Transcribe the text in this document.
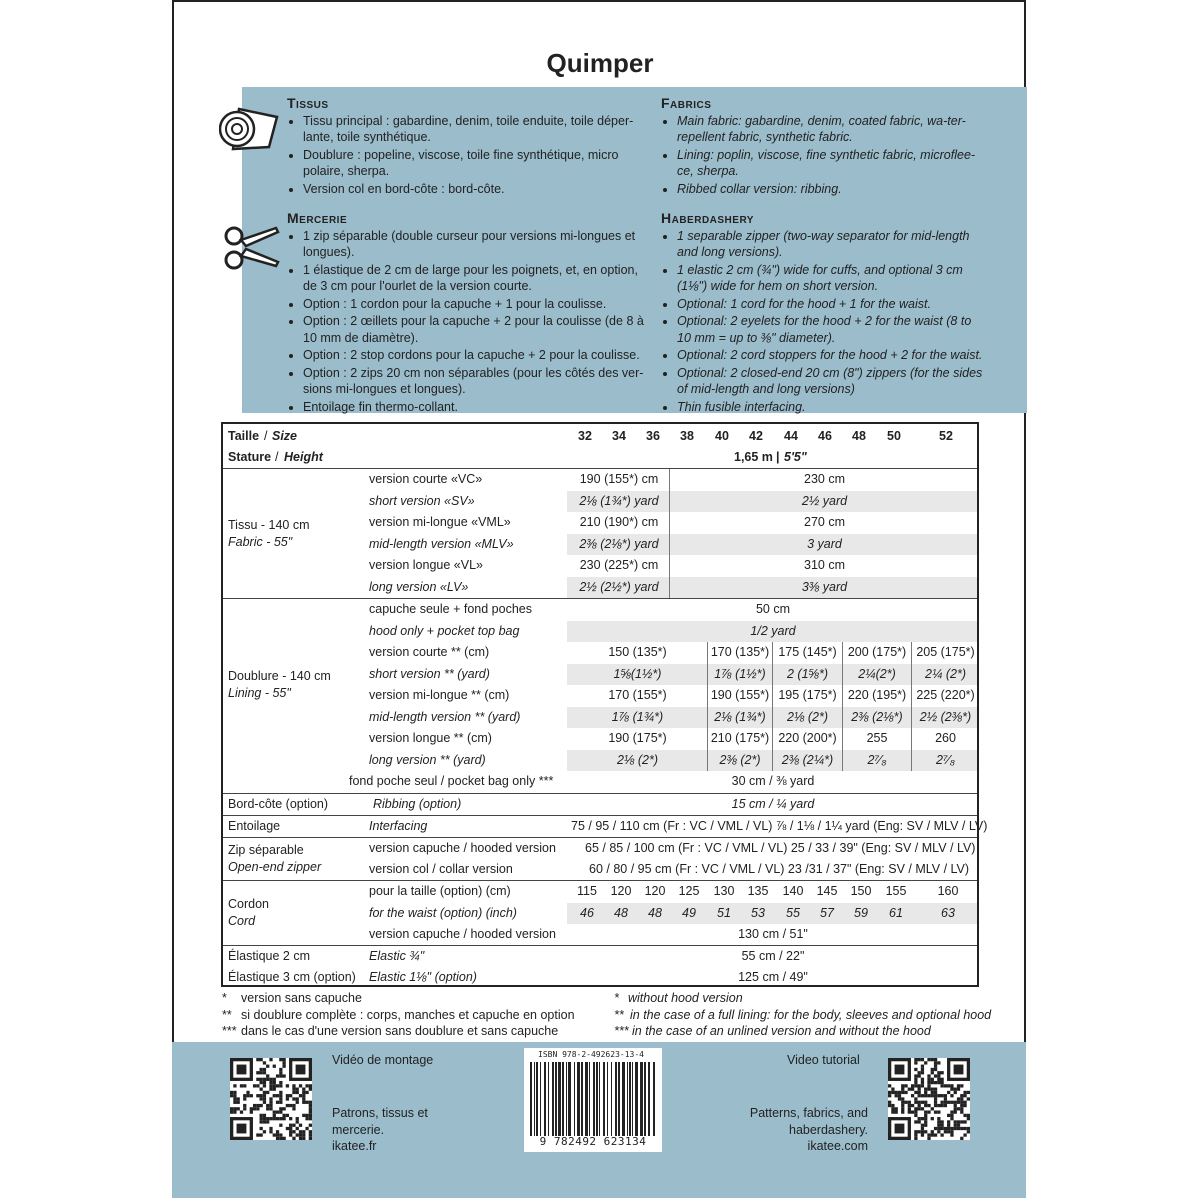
Quimper
Tissus
• Tissu principal : gabardine, denim, toile enduite, toile déper-lante, toile synthétique.
• Doublure : popeline, viscose, toile fine synthétique, micro polaire, sherpa.
• Version col en bord-côte : bord-côte.
Fabrics
• Main fabric: gabardine, denim, coated fabric, wa-ter-repellent fabric, synthetic fabric.
• Lining: poplin, viscose, fine synthetic fabric, microflee-ce, sherpa.
• Ribbed collar version: ribbing.
Mercerie
• 1 zip séparable (double curseur pour versions mi-longues et longues).
• 1 élastique de 2 cm de large pour les poignets, et, en option, de 3 cm pour l'ourlet de la version courte.
• Option : 1 cordon pour la capuche + 1 pour la coulisse.
• Option : 2 œillets pour la capuche + 2 pour la coulisse (de 8 à 10 mm de diamètre).
• Option : 2 stop cordons pour la capuche + 2 pour la coulisse.
• Option : 2 zips 20 cm non séparables (pour les côtés des ver-sions mi-longues et longues).
• Entoilage fin thermo-collant.
Haberdashery
• 1 separable zipper (two-way separator for mid-length and long versions).
• 1 elastic 2 cm (¾") wide for cuffs, and optional 3 cm (1⅛") wide for hem on short version.
• Optional: 1 cord for the hood + 1 for the waist.
• Optional: 2 eyelets for the hood + 2 for the waist (8 to 10 mm = up to ⅜" diameter).
• Optional: 2 cord stoppers for the hood + 2 for the waist.
• Optional: 2 closed-end 20 cm (8") zippers (for the sides of mid-length and long versions)
• Thin fusible interfacing.
Taille / Size	32	34	36	38	40	42	44	46	48	50	52
Stature / Height	1,65 m | 5'5"
Tissu - 140 cm
Fabric - 55"
version courte «VC»	190 (155*) cm	230 cm
short version «SV»	2⅛ (1¾*) yard	2½ yard
version mi-longue «VML»	210 (190*) cm	270 cm
mid-length version «MLV»	2⅜ (2⅛*) yard	3 yard
version longue «VL»	230 (225*) cm	310 cm
long version «LV»	2½ (2½*) yard	3⅜ yard
Doublure - 140 cm
Lining - 55"
capuche seule + fond poches	50 cm
hood only + pocket top bag	1/2 yard
version courte ** (cm)	150 (135*)	170 (135*) 175 (145*) 200 (175*) 205 (175*)
short version ** (yard)	1⅝(1½*)	1⅞ (1½*)	2 (1⅝*)	2¼(2*)	2¼ (2*)
version mi-longue ** (cm)	170 (155*)	190 (155*) 195 (175*) 220 (195*) 225 (220*)
mid-length version ** (yard)	1⅞ (1¾*)	2⅛ (1¾*)	2⅛ (2*)	2⅜ (2⅛*)	2½ (2⅜*)
version longue ** (cm)	190 (175*)	210 (175*) 220 (200*)	255	260
long version ** (yard)	2⅛ (2*)	2⅜ (2*)	2⅜ (2¼*)	2⁷⁄₈	2⁷⁄₈
fond poche seul / pocket bag only ***	30 cm / ⅜ yard
Bord-côte (option)	Ribbing (option)	15 cm / ¼ yard
Entoilage	Interfacing	75 / 95 / 110 cm (Fr : VC / VML / VL) ⅞ / 1⅛ / 1¼ yard (Eng: SV / MLV / LV)
Zip séparable
Open-end zipper
version capuche / hooded version 65 / 85 / 100 cm (Fr : VC / VML / VL) 25 / 33 / 39" (Eng: SV / MLV / LV)
version col / collar version	60 / 80 / 95 cm (Fr : VC / VML / VL) 23 /31 / 37" (Eng: SV / MLV / LV)
Cordon
Cord
pour la taille (option) (cm)	115 120 120 125 130 135 140 145 150 155 160
for the waist (option) (inch)	46	48	48	49	51	53	55	57	59	61	63
version capuche / hooded version	130 cm / 51"
Élastique 2 cm	Elastic ¾"	55 cm / 22"
Élastique 3 cm (option) Elastic 1⅛" (option)	125 cm / 49"
* version sans capuche
** si doublure complète : corps, manches et capuche en option
*** dans le cas d'une version sans doublure et sans capuche
* without hood version
** in the case of a full lining: for the body, sleeves and optional hood
*** in the case of an unlined version and without the hood
Vidéo de montage
Patrons, tissus et
mercerie.
ikatee.fr
ISBN 978-2-492623-13-4
9 782492 623134
Video tutorial
Patterns, fabrics, and
haberdashery.
ikatee.com
